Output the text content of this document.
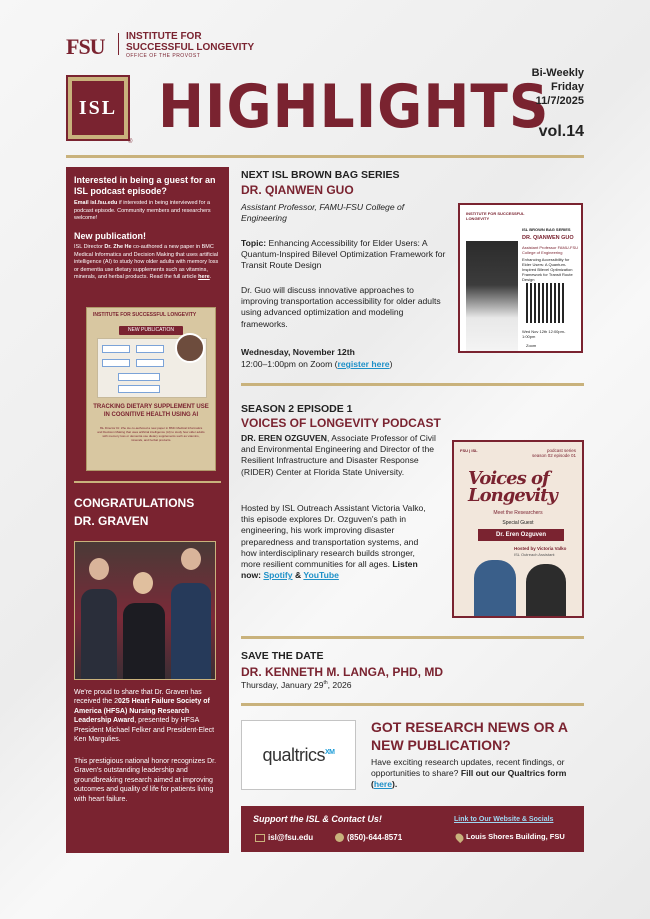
FSU INSTITUTE FOR
SUCCESSFUL LONGEVITY
OFFICE OF THE PROVOST
ISL
®
HIGHLIGHTS
Bi-Weekly
Friday
11/7/2025
vol.14
Interested in being a guest for an ISL podcast episode?
Email isl.fsu.edu if interested in being interviewed for a podcast episode. Community members and researchers welcome!
New publication!
ISL Director Dr. Zhe He co-authored a new paper in BMC Medical Informatics and Decision Making that uses artificial intelligence (AI) to study how older adults with memory loss or dementia use dietary supplements such as vitamins, minerals, and herbal products. Read the full article here.
INSTITUTE FOR SUCCESSFUL LONGEVITY
NEW PUBLICATION
TRACKING DIETARY SUPPLEMENT USE IN COGNITIVE HEALTH USING AI
ISL Director Dr. Zhe He co-authored a new paper in BMC Medical Informatics and Decision Making that uses artificial intelligence (AI) to study how older adults with memory loss or dementia use dietary supplements such as vitamins, minerals, and herbal products.
CONGRATULATIONS
DR. GRAVEN
We're proud to share that Dr. Graven has received the 2025 Heart Failure Society of America (HFSA) Nursing Research Leadership Award, presented by HFSA President Michael Felker and President-Elect Ken Margulies.
This prestigious national honor recognizes Dr. Graven's outstanding leadership and groundbreaking research aimed at improving outcomes and quality of life for patients living with heart failure.
NEXT ISL BROWN BAG SERIES
DR. QIANWEN GUO
Assistant Professor, FAMU-FSU College of Engineering
Topic: Enhancing Accessibility for Elder Users: A Quantum-Inspired Bilevel Optimization Framework for Transit Route Design
Dr. Guo will discuss innovative approaches to improving transportation accessibility for older adults using advanced optimization and modeling frameworks.
Wednesday, November 12th
12:00–1:00pm on Zoom (register here)
INSTITUTE FOR SUCCESSFUL LONGEVITY
ISL BROWN BAG SERIES
DR. QIANWEN GUO
Assistant Professor FAMU-FSU College of Engineering
Enhancing Accessibility for Elder Users: A Quantum-Inspired Bilevel Optimization Framework for Transit Route Design
Wed Nov 12th 12:00pm-1:00pm
Zoom
SEASON 2 EPISODE 1
VOICES OF LONGEVITY PODCAST
DR. EREN OZGUVEN, Associate Professor of Civil and Environmental Engineering and Director of the Resilient Infrastructure and Disaster Response (RIDER) Center at Florida State University.
Hosted by ISL Outreach Assistant Victoria Valko, this episode explores Dr. Ozguven's path in engineering, his work improving disaster preparedness and transportation systems, and how interdisciplinary research builds stronger, more resilient communities for all ages. Listen now: Spotify & YouTube
FSU | ISL	podcast series
season 02 episode 01
Voices of
Longevity
Meet the Researchers
Special Guest
Dr. Eren Ozguven
Hosted by Victoria Valko
ISL Outreach Assistant
SAVE THE DATE
DR. KENNETH M. LANGA, PHD, MD
Thursday, January 29th, 2026
qualtrics$^{XM}$
GOT RESEARCH NEWS OR A
NEW PUBLICATION?
Have exciting research updates, recent findings, or opportunities to share? Fill out our Qualtrics form (here).
Support the ISL & Contact Us!
isl@fsu.edu	(850)-644-8571
Link to Our Website & Socials
Louis Shores Building, FSU
